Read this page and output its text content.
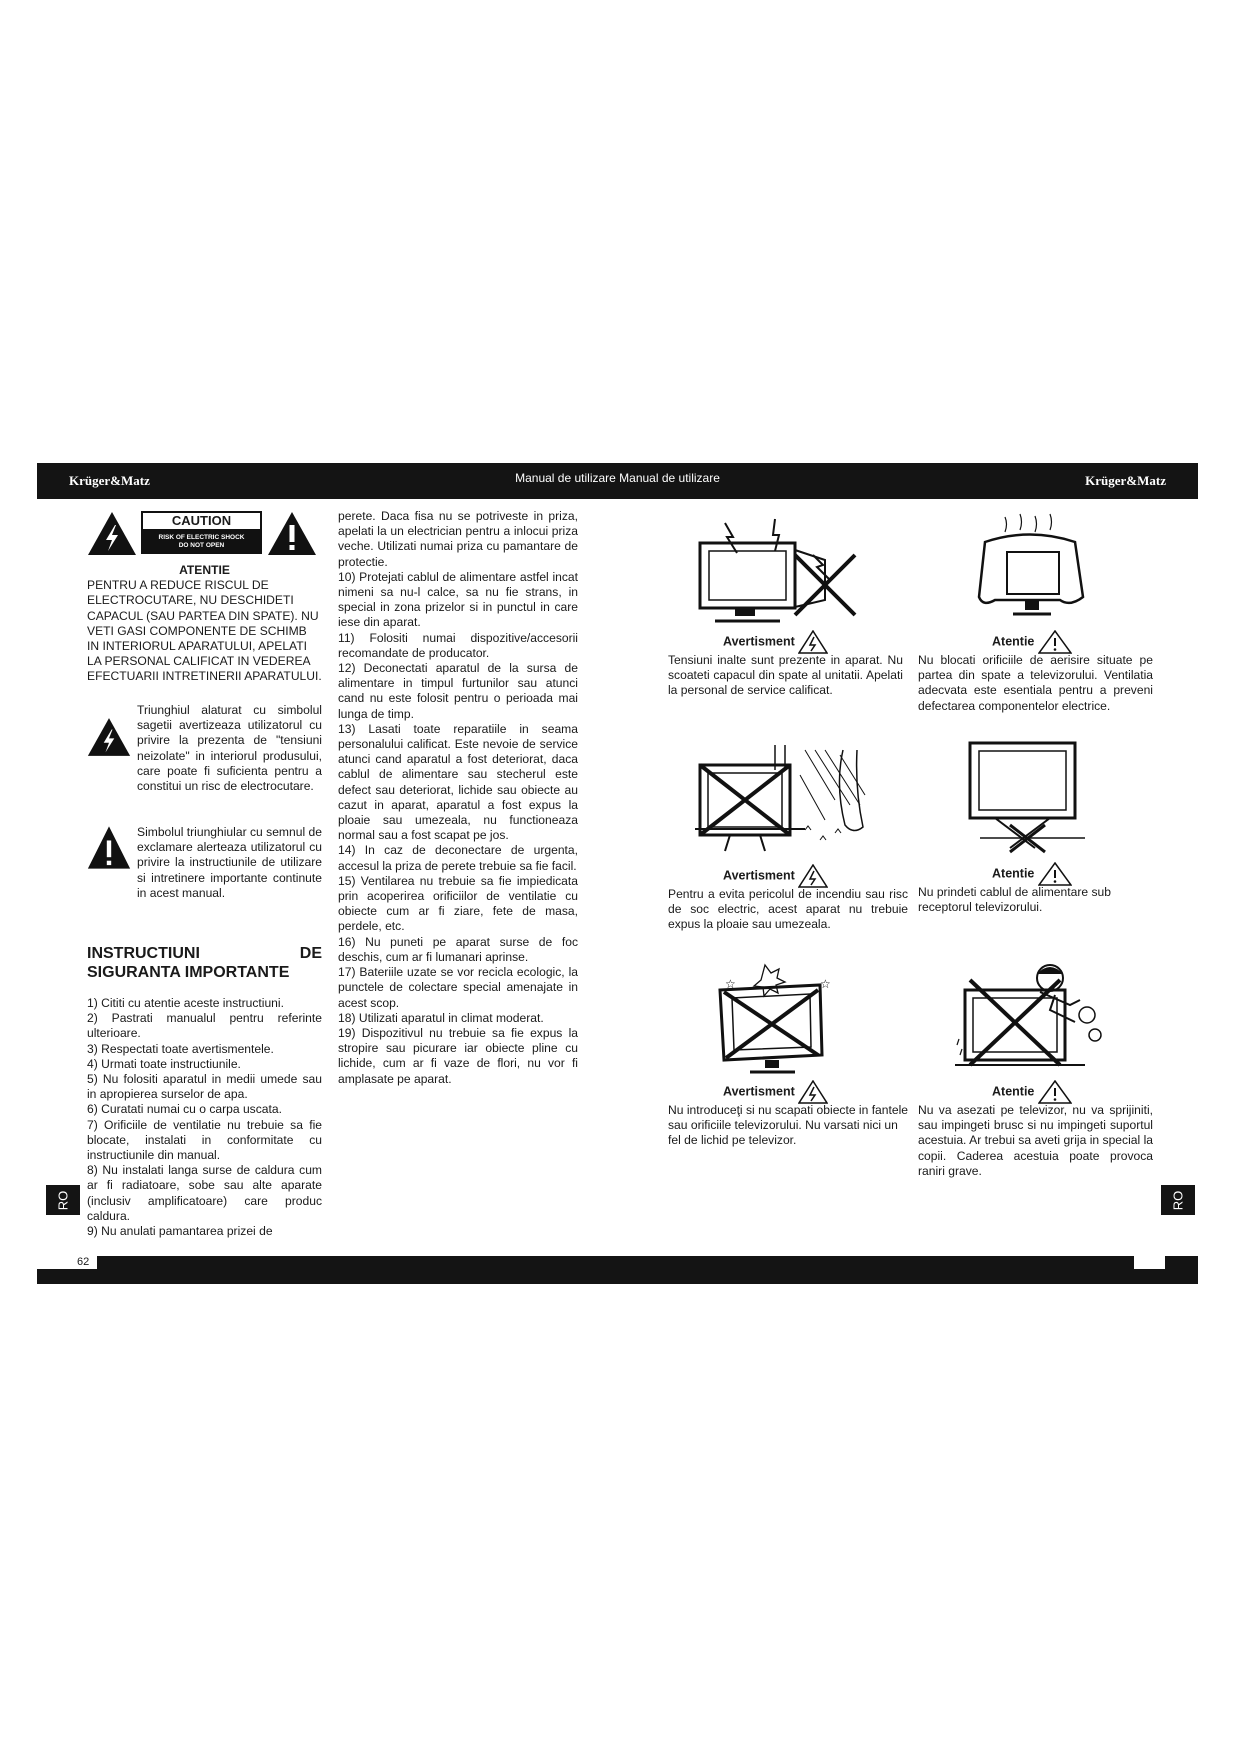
Krüger&Matz	Manual de utilizare Manual de utilizare	Krüger&Matz
RO	RO
62
CAUTION
RISK OF ELECTRIC SHOCK
DO NOT OPEN

ATENTIE

PENTRU A REDUCE RISCUL DE ELECTROCUTARE, NU DESCHIDETI CAPACUL (SAU PARTEA DIN SPATE). NU VETI GASI COMPONENTE DE SCHIMB IN INTERIORUL APARATULUI, APELATI LA PERSONAL CALIFICAT IN VEDEREA EFECTUARII INTRETINERII APARATULUI.

Triunghiul alaturat cu simbolul sagetii avertizeaza utilizatorul cu privire la prezenta de "tensiuni neizolate" in interiorul produsului, care poate fi suficienta pentru a constitui un risc de electrocutare.
Simbolul triunghiular cu semnul de exclamare alerteaza utilizatorul cu privire la instructiunile de utilizare si intretinere importante continute in acest manual.
INSTRUCTIUNI	DE
SIGURANTA IMPORTANTE

1) Cititi cu atentie aceste instructiuni.

2) Pastrati manualul pentru referinte ulterioare.

3) Respectati toate avertismentele.

4) Urmati toate instructiunile.

5) Nu folositi aparatul in medii umede sau in apropierea surselor de apa.

6) Curatati numai cu o carpa uscata.

7) Orificiile de ventilatie nu trebuie sa fie blocate, instalati in conformitate cu instructiunile din manual.

8) Nu instalati langa surse de caldura cum ar fi radiatoare, sobe sau alte aparate (inclusiv amplificatoare) care produc caldura.

9) Nu anulati pamantarea prizei de

perete. Daca fisa nu se potriveste in priza, apelati la un electrician pentru a inlocui priza veche. Utilizati numai priza cu pamantare de protectie.

10) Protejati cablul de alimentare astfel incat nimeni sa nu-l calce, sa nu fie strans, in special in zona prizelor si in punctul in care iese din aparat.

11) Folositi numai dispozitive/accesorii recomandate de producator.

12) Deconectati aparatul de la sursa de alimentare in timpul furtunilor sau atunci cand nu este folosit pentru o perioada mai lunga de timp.

13) Lasati toate reparatiile in seama personalului calificat. Este nevoie de service atunci cand aparatul a fost deteriorat, daca cablul de alimentare sau stecherul este defect sau deteriorat, lichide sau obiecte au cazut in aparat, aparatul a fost expus la ploaie sau umezeala, nu functioneaza normal sau a fost scapat pe jos.

14) In caz de deconectare de urgenta, accesul la priza de perete trebuie sa fie facil.

15) Ventilarea nu trebuie sa fie impiedicata prin acoperirea orificiilor de ventilatie cu obiecte cum ar fi ziare, fete de masa, perdele, etc.

16) Nu puneti pe aparat surse de foc deschis, cum ar fi lumanari aprinse.

17) Bateriile uzate se vor recicla ecologic, la punctele de colectare special amenajate in acest scop.

18) Utilizati aparatul in climat moderat.

19) Dispozitivul nu trebuie sa fie expus la stropire sau picurare iar obiecte pline cu lichide, cum ar fi vaze de flori, nu vor fi amplasate pe aparat.

Avertisment
Tensiuni inalte sunt prezente in aparat. Nu scoateti capacul din spate al unitatii. Apelati la personal de service calificat.
Atentie
Nu blocati orificiile de aerisire situate pe partea din spate a televizorului. Ventilatia adecvata este esentiala pentru a preveni defectarea componentelor electrice.
Avertisment
Pentru a evita pericolul de incendiu sau risc de soc electric, acest aparat nu trebuie expus la ploaie sau umezeala.
Atentie
Nu prindeti cablul de alimentare sub receptorul televizorului.
☆	☆
Avertisment
Nu introduceţi si nu scapati obiecte in fantele sau orificiile televizorului. Nu varsati nici un fel de lichid pe televizor.
Atentie
Nu va asezati pe televizor, nu va sprijiniti, sau impingeti brusc si nu impingeti suportul acestuia. Ar trebui sa aveti grija in special la copii. Caderea acestuia poate provoca raniri grave.
